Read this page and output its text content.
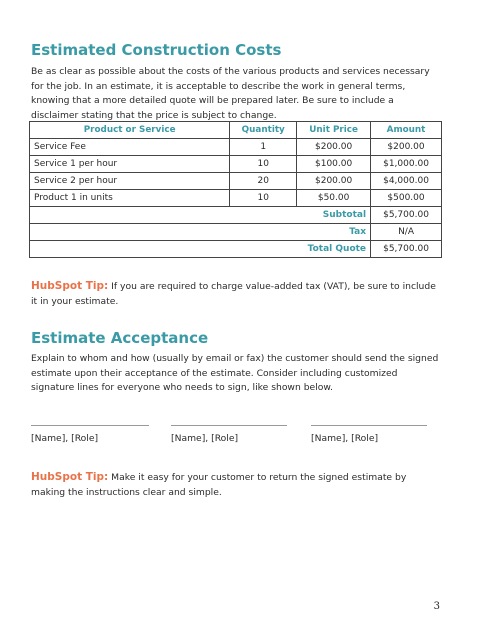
Estimated Construction Costs
Be as clear as possible about the costs of the various products and services necessary for the job. In an estimate, it is acceptable to describe the work in general terms, knowing that a more detailed quote will be prepared later. Be sure to include a disclaimer stating that the price is subject to change.
Product or Service	Quantity	Unit Price	Amount
Service Fee	1	$200.00	$200.00
Service 1 per hour	10	$100.00	$1,000.00
Service 2 per hour	20	$200.00	$4,000.00
Product 1 in units	10	$50.00	$500.00
Subtotal			$5,700.00
Tax			N/A
Total Quote			$5,700.00
HubSpot Tip: If you are required to charge value-added tax (VAT), be sure to include it in your estimate.
Estimate Acceptance
Explain to whom and how (usually by email or fax) the customer should send the signed estimate upon their acceptance of the estimate. Consider including customized signature lines for everyone who needs to sign, like shown below.
[Name], [Role]	[Name], [Role]	[Name], [Role]
HubSpot Tip: Make it easy for your customer to return the signed estimate by making the instructions clear and simple.
3
